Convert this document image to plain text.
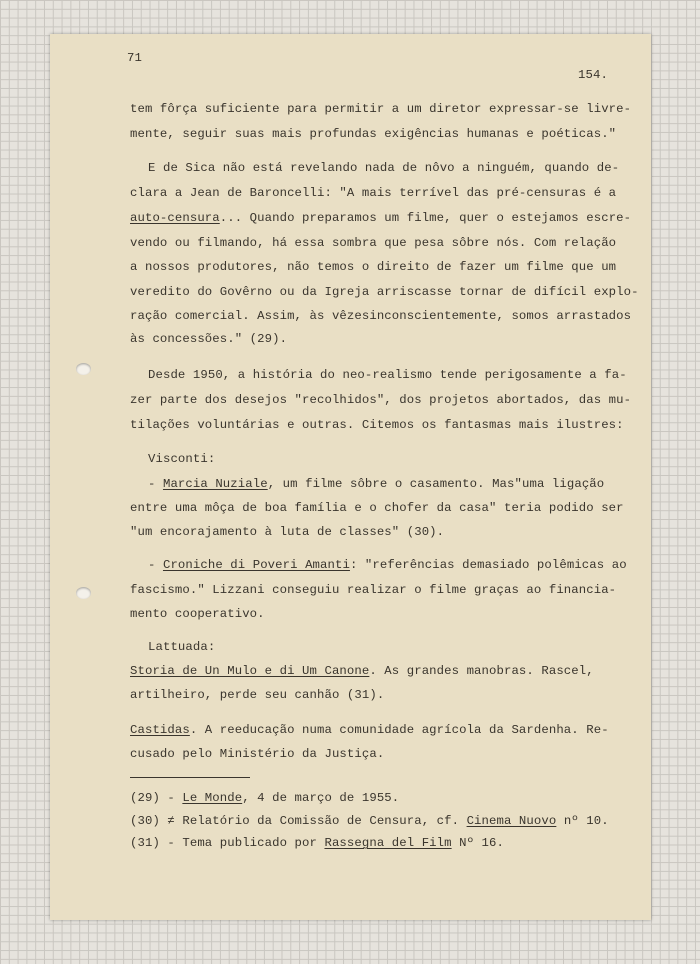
71
154.
tem fôrça suficiente para permitir a um diretor expressar-se livre-
mente, seguir suas mais profundas exigências humanas e poéticas."
E de Sica não está revelando nada de nôvo a ninguém, quando de-
clara a Jean de Baroncelli: "A mais terrível das pré-censuras é a
auto-censura... Quando preparamos um filme, quer o estejamos escre-
vendo ou filmando, há essa sombra que pesa sôbre nós. Com relação
a nossos produtores, não temos o direito de fazer um filme que um
veredito do Govêrno ou da Igreja arriscasse tornar de difícil explo-
ração comercial. Assim, às vêzesinconscientemente, somos arrastados
às concessões." (29).
Desde 1950, a história do neo-realismo tende perigosamente a fa-
zer parte dos desejos "recolhidos", dos projetos abortados, das mu-
tilações voluntárias e outras. Citemos os fantasmas mais ilustres:
Visconti:
- Marcia Nuziale, um filme sôbre o casamento. Mas"uma ligação
entre uma môça de boa família e o chofer da casa" teria podido ser
"um encorajamento à luta de classes" (30).
- Croniche di Poveri Amanti: "referências demasiado polêmicas ao
fascismo." Lizzani conseguiu realizar o filme graças ao financia-
mento cooperativo.
Lattuada:
Storia de Un Mulo e di Um Canone. As grandes manobras. Rascel,
artilheiro, perde seu canhão (31).
Castidas. A reeducação numa comunidade agrícola da Sardenha. Re-
cusado pelo Ministério da Justiça.
(29) - Le Monde, 4 de março de 1955.
(30) ≠ Relatório da Comissão de Censura, cf. Cinema Nuovo nº 10.
(31) - Tema publicado por Rassegna del Film Nº 16.
